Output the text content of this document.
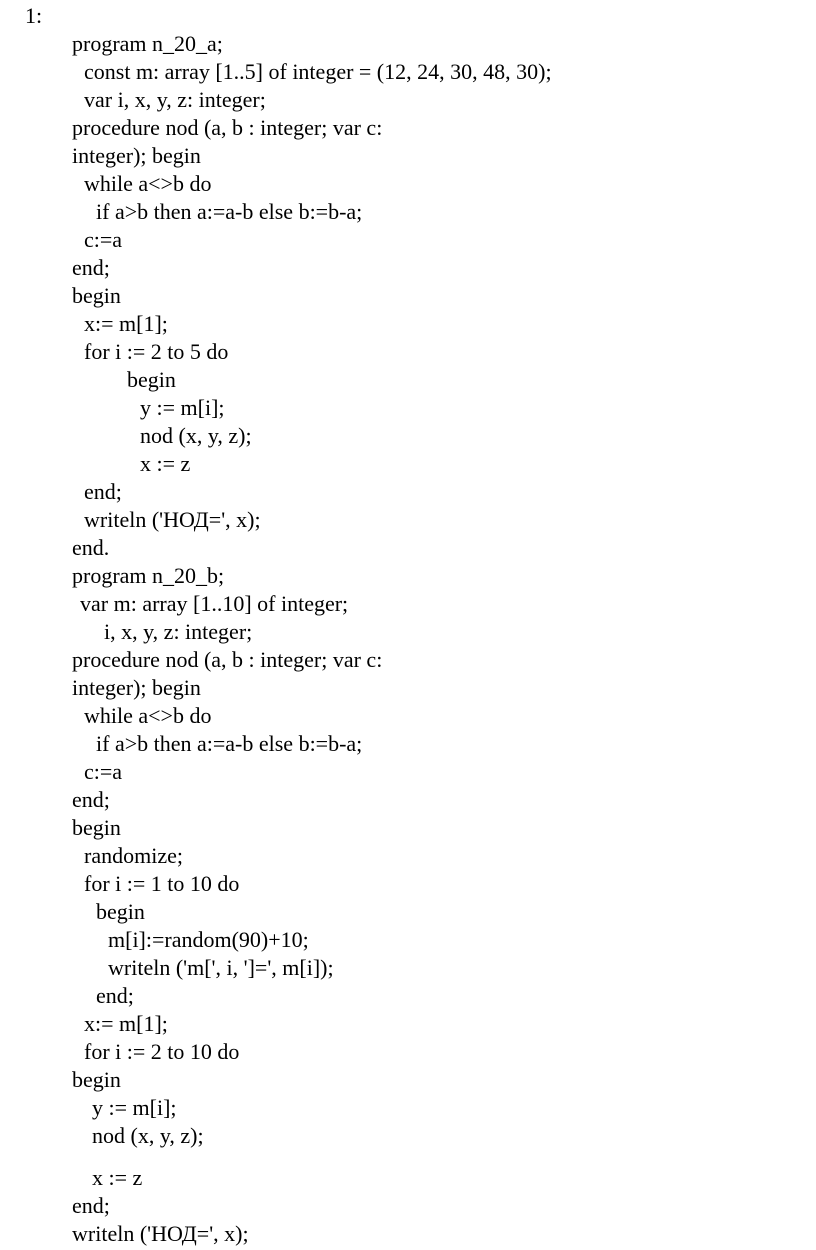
1:
program n_20_a;
const m: array [1..5] of integer = (12, 24, 30, 48, 30);
var i, x, y, z: integer;
procedure nod (a, b : integer; var c:
integer); begin
while a<>b do
if a>b then a:=a-b else b:=b-a;
c:=a
end;
begin
x:= m[1];
for i := 2 to 5 do
begin
y := m[i];
nod (x, y, z);
x := z
end;
writeln ('НОД=', x);
end.
program n_20_b;
var m: array [1..10] of integer;
i, x, y, z: integer;
procedure nod (a, b : integer; var c:
integer); begin
while a<>b do
if a>b then a:=a-b else b:=b-a;
c:=a
end;
begin
randomize;
for i := 1 to 10 do
begin
m[i]:=random(90)+10;
writeln ('m[', i, ']=', m[i]);
end;
x:= m[1];
for i := 2 to 10 do
begin
y := m[i];
nod (x, y, z);
x := z
end;
writeln ('НОД=', x);
